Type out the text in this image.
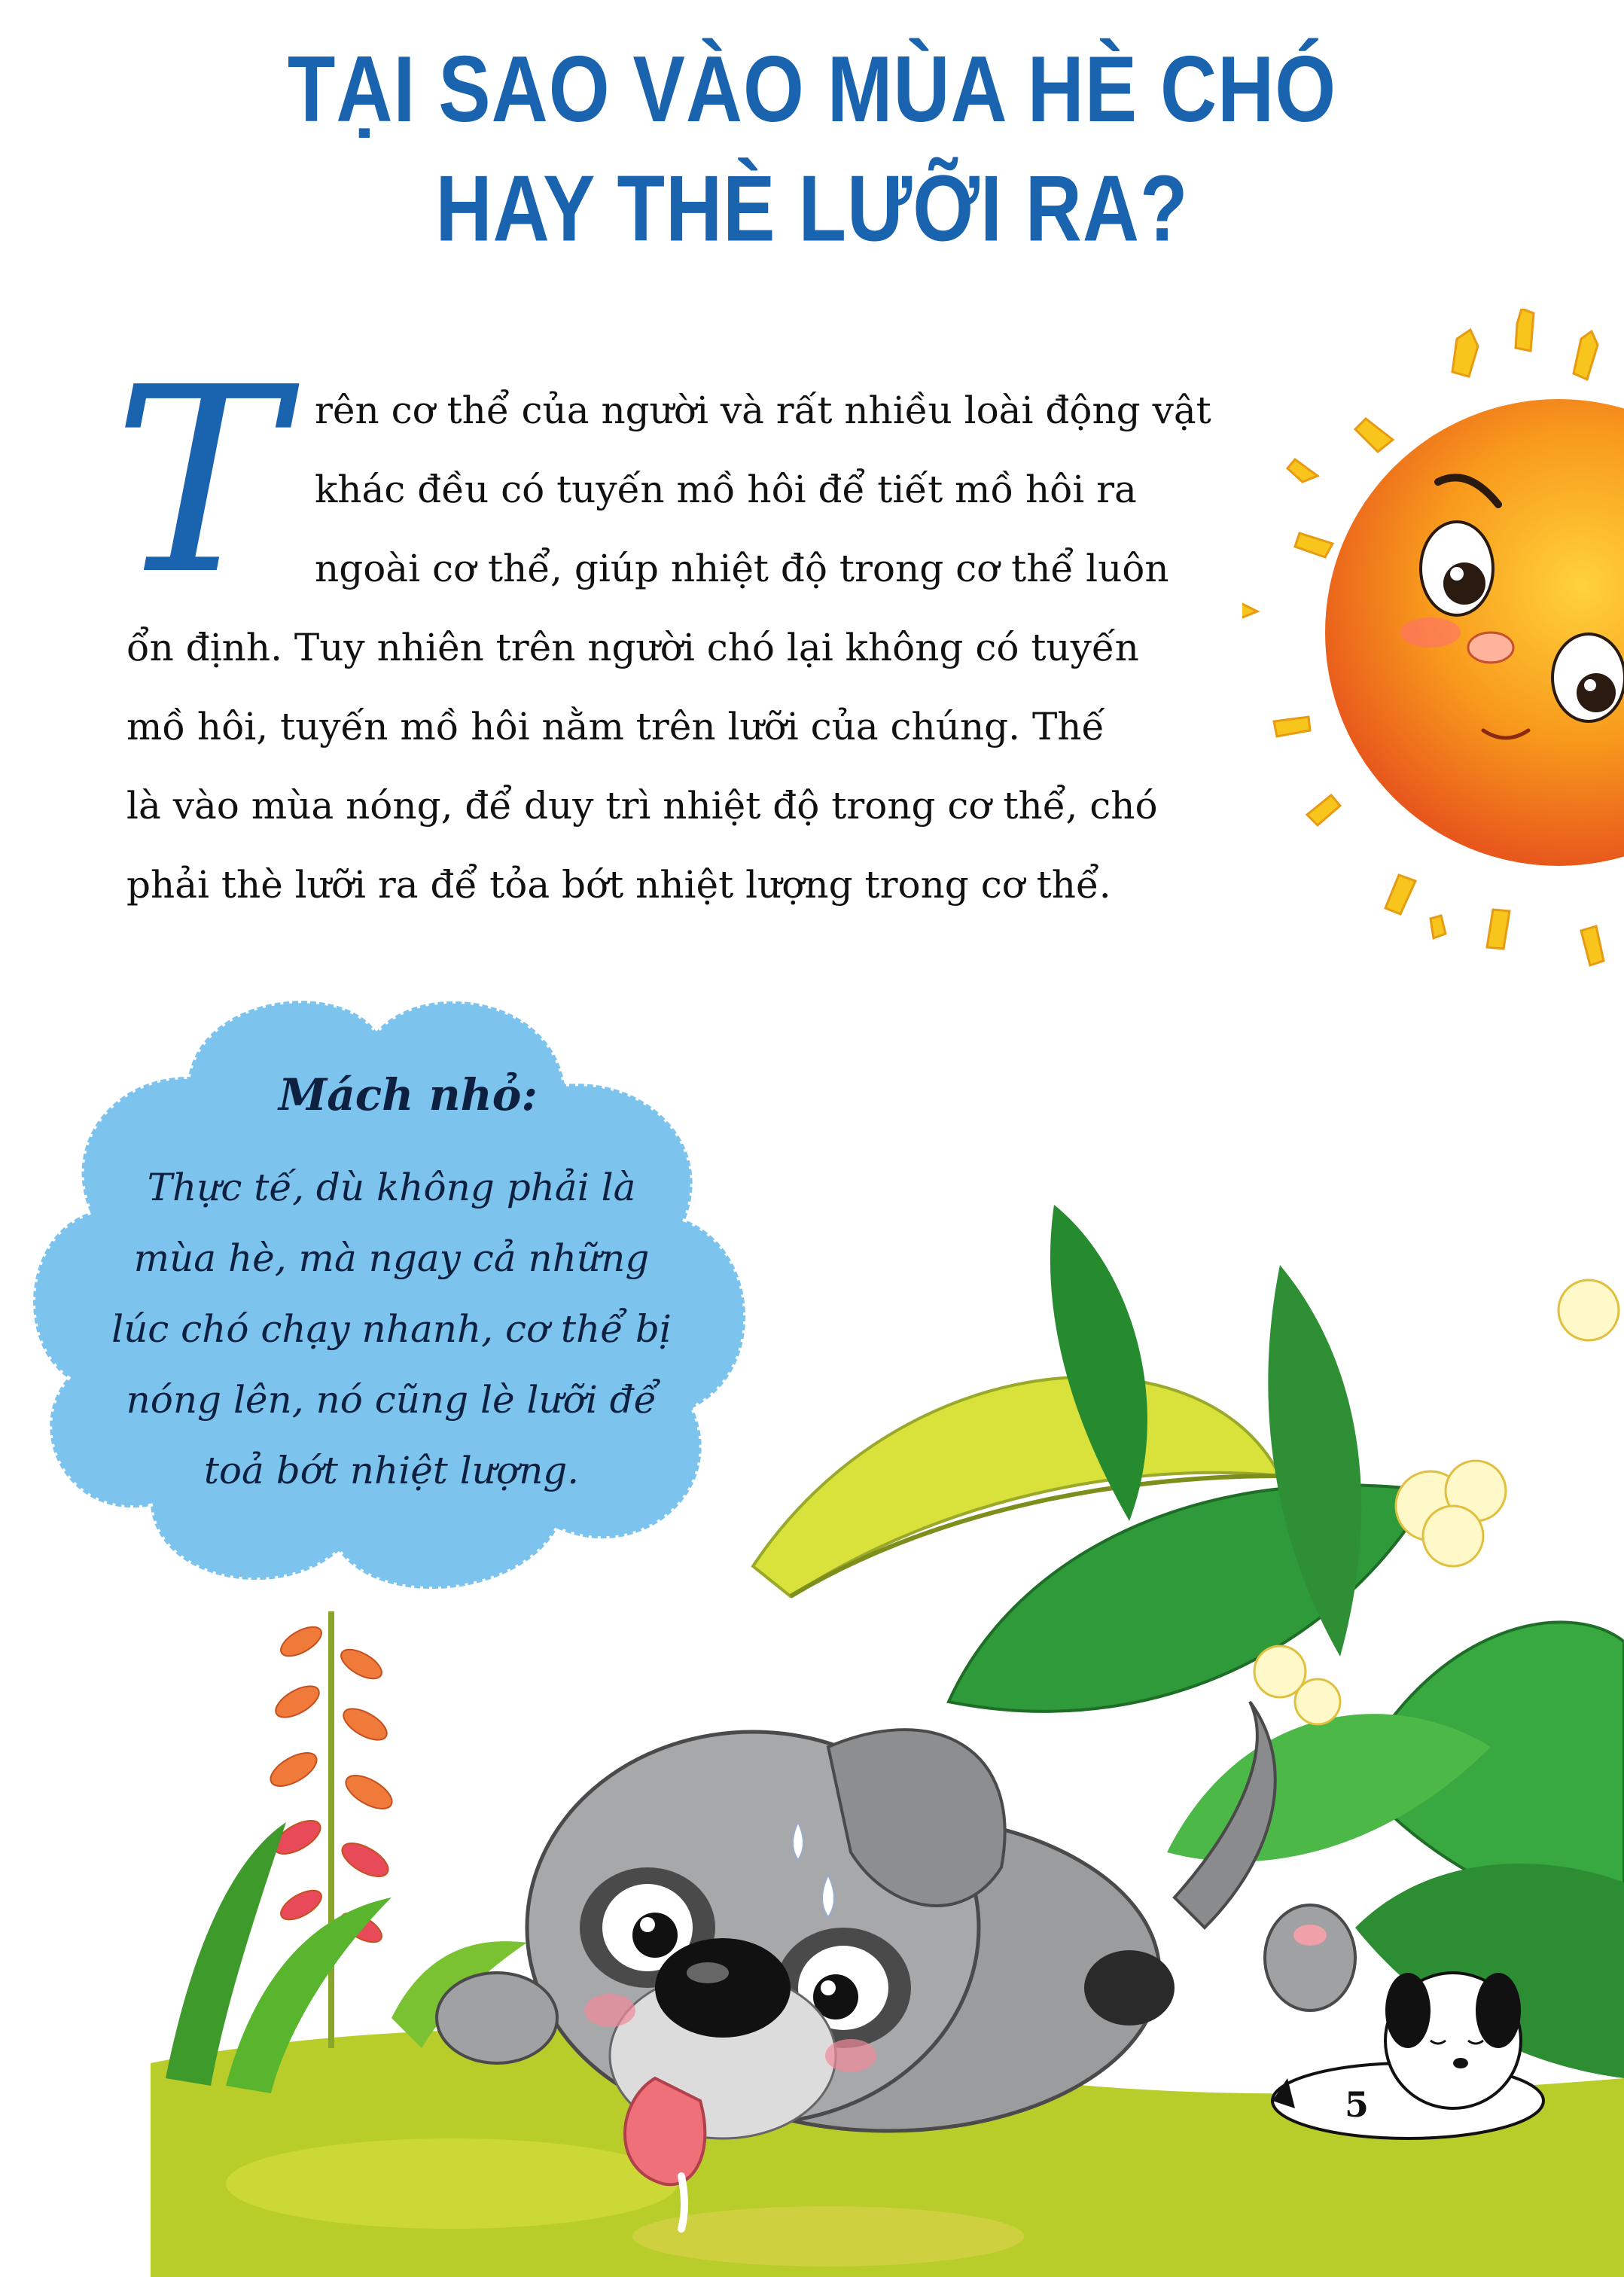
TẠI SAO VÀO MÙA HÈ CHÓ
HAY THÈ LƯỠI RA?
T rên cơ thể của người và rất nhiều loài động vật
khác đều có tuyến mồ hôi để tiết mồ hôi ra
ngoài cơ thể, giúp nhiệt độ trong cơ thể luôn
ổn định. Tuy nhiên trên người chó lại không có tuyến
mồ hôi, tuyến mồ hôi nằm trên lưỡi của chúng. Thế
là vào mùa nóng, để duy trì nhiệt độ trong cơ thể, chó
phải thè lưỡi ra để tỏa bớt nhiệt lượng trong cơ thể.
Mách nhỏ:
Thực tế, dù không phải là
mùa hè, mà ngay cả những
lúc chó chạy nhanh, cơ thể bị
nóng lên, nó cũng lè lưỡi để
toả bớt nhiệt lượng.
5
